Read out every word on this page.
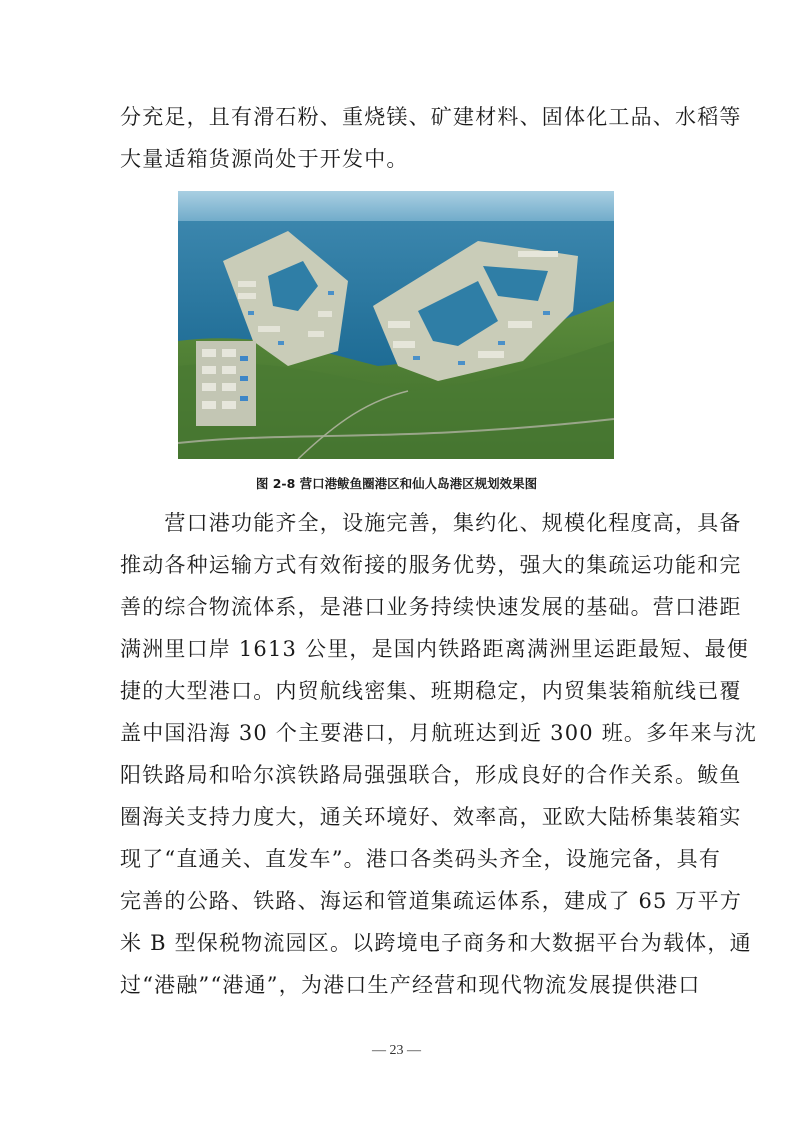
分充足，且有滑石粉、重烧镁、矿建材料、固体化工品、水稻等
大量适箱货源尚处于开发中。
图 2-8 营口港鲅鱼圈港区和仙人岛港区规划效果图
　　营口港功能齐全，设施完善，集约化、规模化程度高，具备
推动各种运输方式有效衔接的服务优势，强大的集疏运功能和完
善的综合物流体系，是港口业务持续快速发展的基础。营口港距
满洲里口岸 1613 公里，是国内铁路距离满洲里运距最短、最便
捷的大型港口。内贸航线密集、班期稳定，内贸集装箱航线已覆
盖中国沿海 30 个主要港口，月航班达到近 300 班。多年来与沈
阳铁路局和哈尔滨铁路局强强联合，形成良好的合作关系。鲅鱼
圈海关支持力度大，通关环境好、效率高，亚欧大陆桥集装箱实
现了“直通关、直发车”。港口各类码头齐全，设施完备，具有
完善的公路、铁路、海运和管道集疏运体系，建成了 65 万平方
米 B 型保税物流园区。以跨境电子商务和大数据平台为载体，通
过“港融”“港通”，为港口生产经营和现代物流发展提供港口
— 23 —
